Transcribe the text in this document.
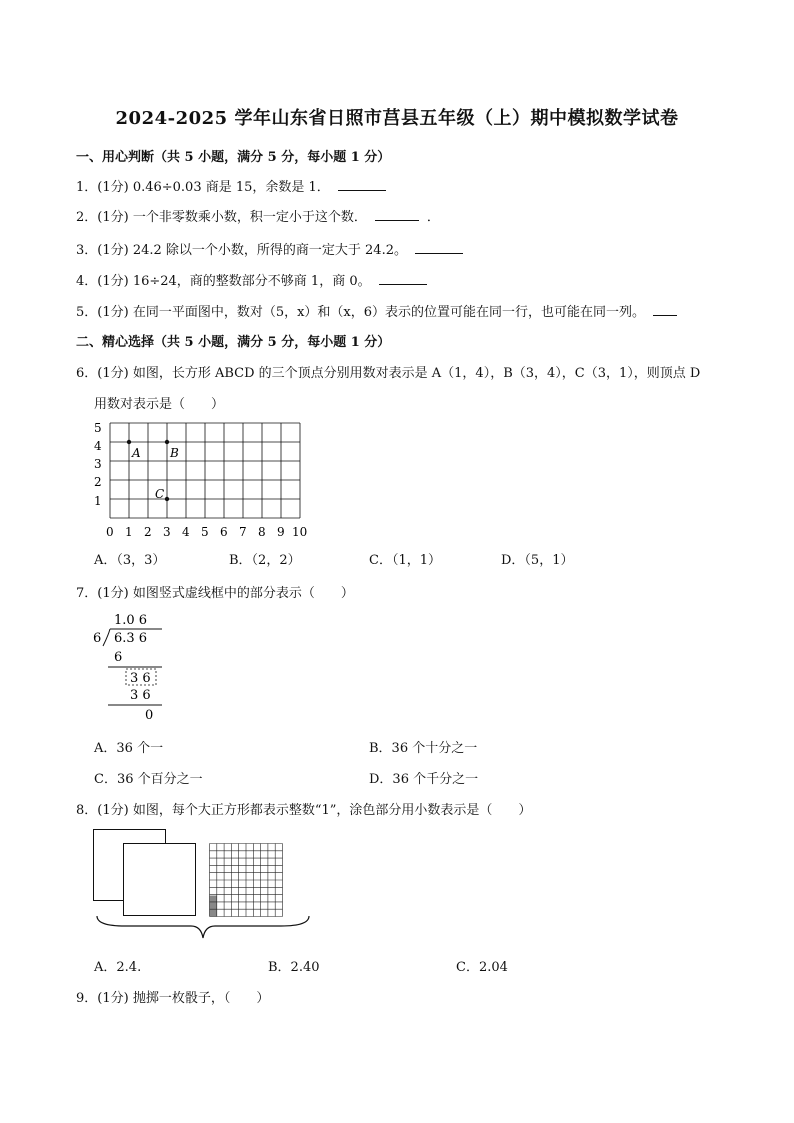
2024-2025 学年山东省日照市莒县五年级（上）期中模拟数学试卷
一、用心判断（共 5 小题，满分 5 分，每小题 1 分）
1．(1分) 0.46÷0.03 商是 15，余数是 1．
2．(1分) 一个非零数乘小数，积一定小于这个数．	．
3．(1分) 24.2 除以一个小数，所得的商一定大于 24.2。
4．(1分) 16÷24，商的整数部分不够商 1，商 0。
5．(1分) 在同一平面图中，数对（5，x）和（x，6）表示的位置可能在同一行，也可能在同一列。
二、精心选择（共 5 小题，满分 5 分，每小题 1 分）
6．(1分) 如图，长方形 ABCD 的三个顶点分别用数对表示是 A（1，4），B（3，4），C（3，1），则顶点 D
用数对表示是（　　）
5
4
3
2
1
0 1 2 3 4 5 6 7 8 9 10
A B
C
A．（3，3）	B．（2，2）	C．（1，1）	D．（5，1）
7．(1分) 如图竖式虚线框中的部分表示（　　）
1.0 6
6 6.3 6
6
3 6
3 6
0
A．36 个一	B．36 个十分之一
C．36 个百分之一	D．36 个千分之一
8．(1分) 如图，每个大正方形都表示整数“1”，涂色部分用小数表示是（　　）
A．2.4.	B．2.40	C．2.04
9．(1分) 抛掷一枚骰子，（　　）
